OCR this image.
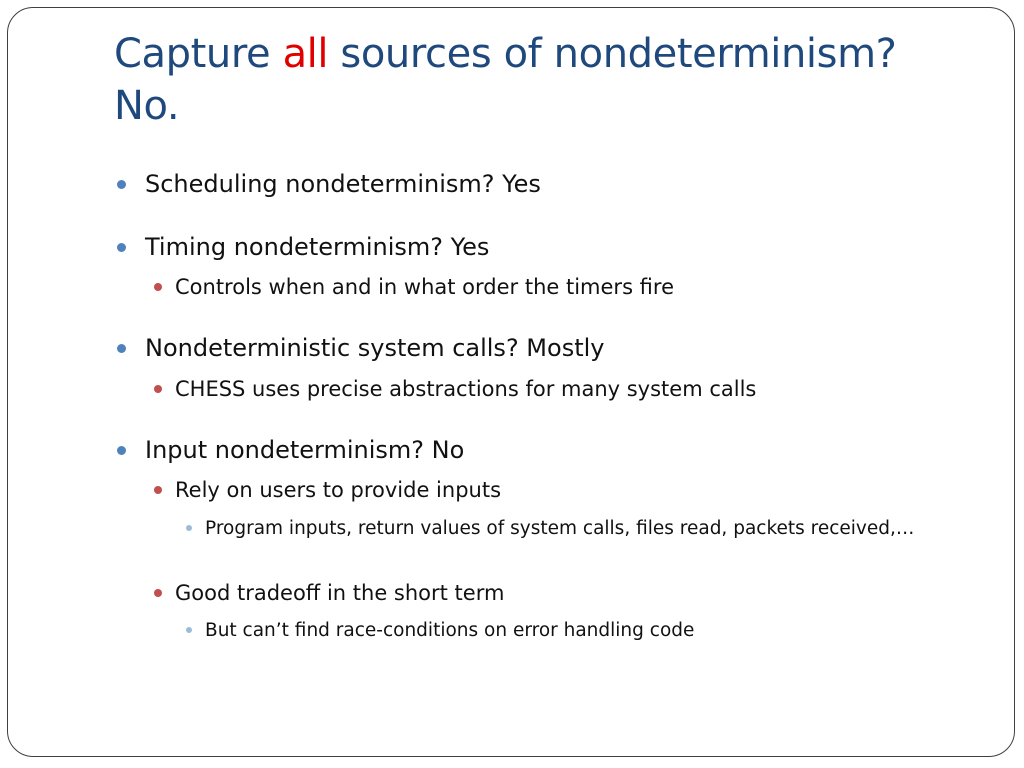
Capture all sources of nondeterminism?
No.
Scheduling nondeterminism? Yes
Timing nondeterminism? Yes
Controls when and in what order the timers fire
Nondeterministic system calls? Mostly
CHESS uses precise abstractions for many system calls
Input nondeterminism? No
Rely on users to provide inputs
Program inputs, return values of system calls, files read, packets received,…
Good tradeoff in the short term
But can’t find race-conditions on error handling code
